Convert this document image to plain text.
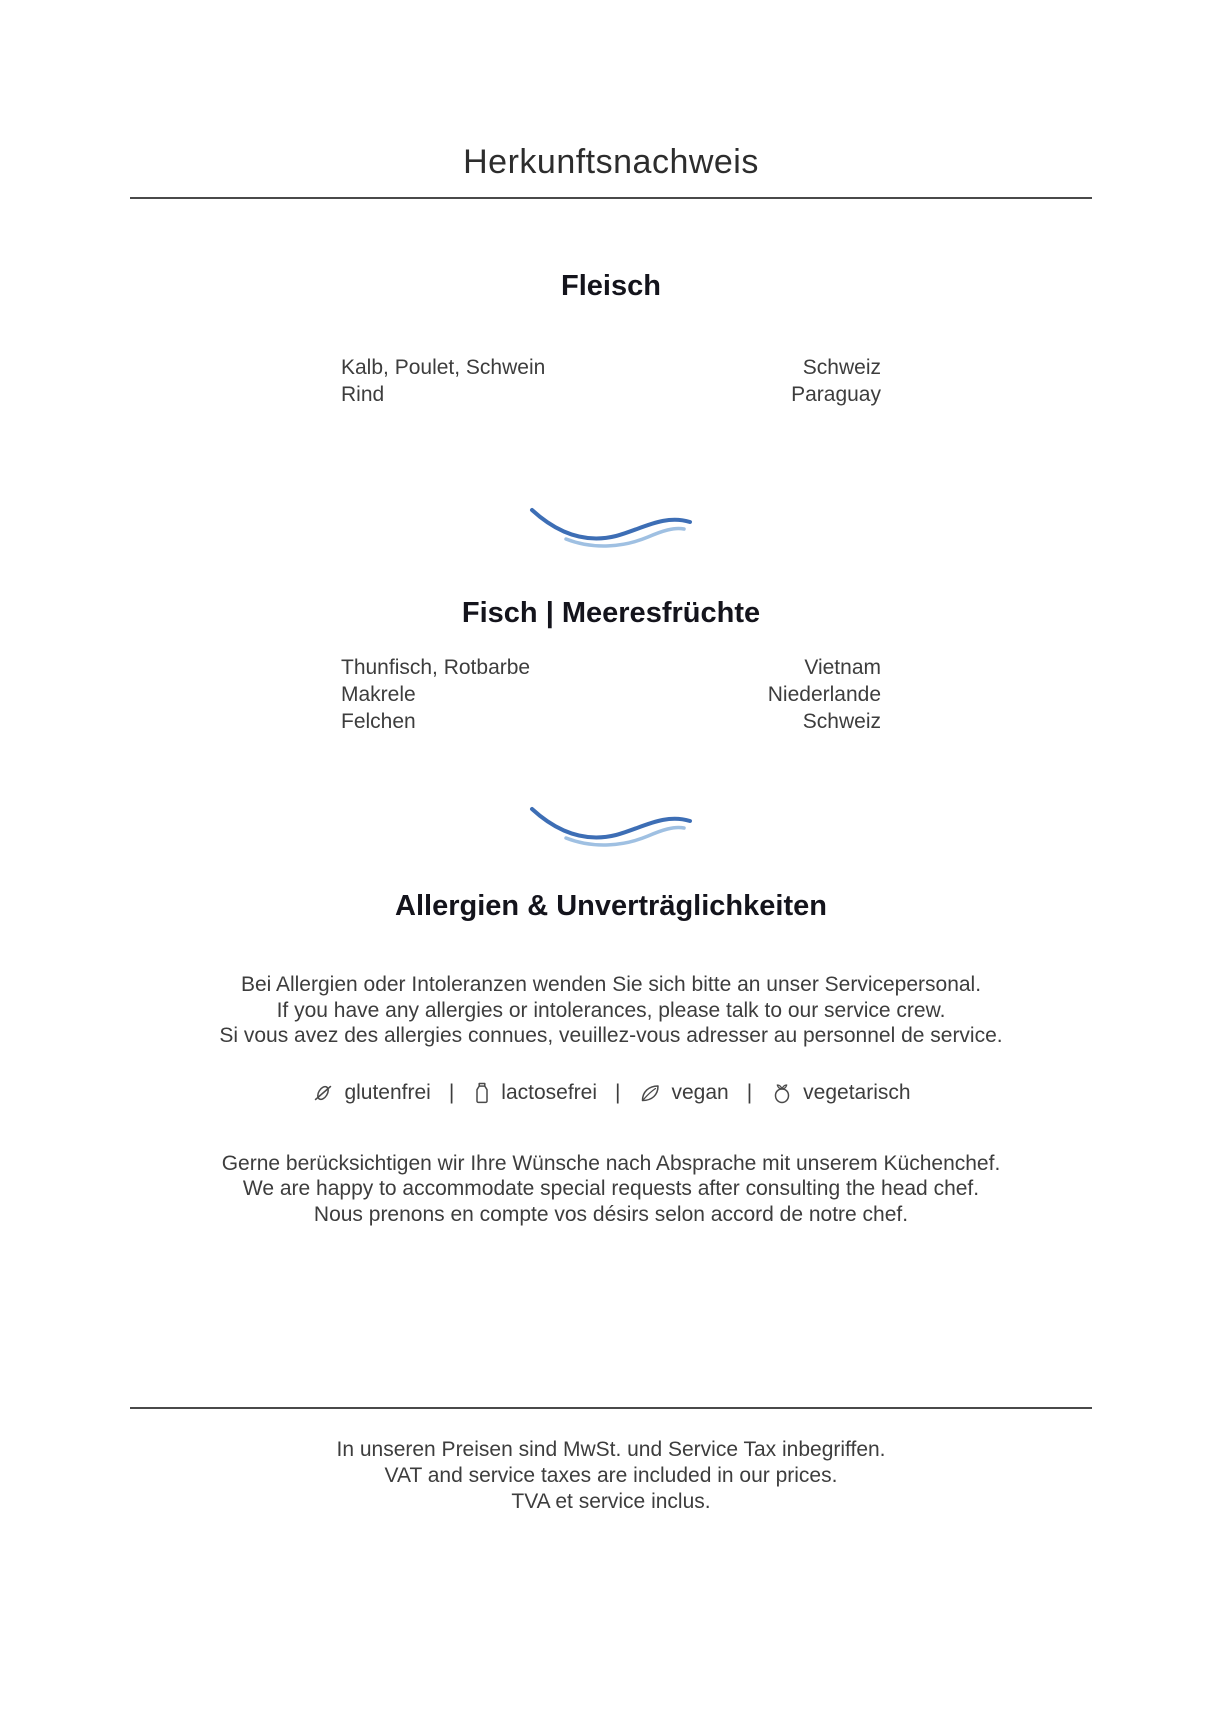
Herkunftsnachweis
Fleisch
Kalb, Poulet, Schwein	Schweiz
Rind	Paraguay
Fisch | Meeresfrüchte
Thunfisch, Rotbarbe	Vietnam
Makrele	Niederlande
Felchen	Schweiz
Allergien & Unverträglichkeiten
Bei Allergien oder Intoleranzen wenden Sie sich bitte an unser Servicepersonal.
If you have any allergies or intolerances, please talk to our service crew.
Si vous avez des allergies connues, veuillez-vous adresser au personnel de service.
glutenfrei | lactosefrei | vegan | vegetarisch
Gerne berücksichtigen wir Ihre Wünsche nach Absprache mit unserem Küchenchef.
We are happy to accommodate special requests after consulting the head chef.
Nous prenons en compte vos désirs selon accord de notre chef.
In unseren Preisen sind MwSt. und Service Tax inbegriffen.
VAT and service taxes are included in our prices.
TVA et service inclus.
